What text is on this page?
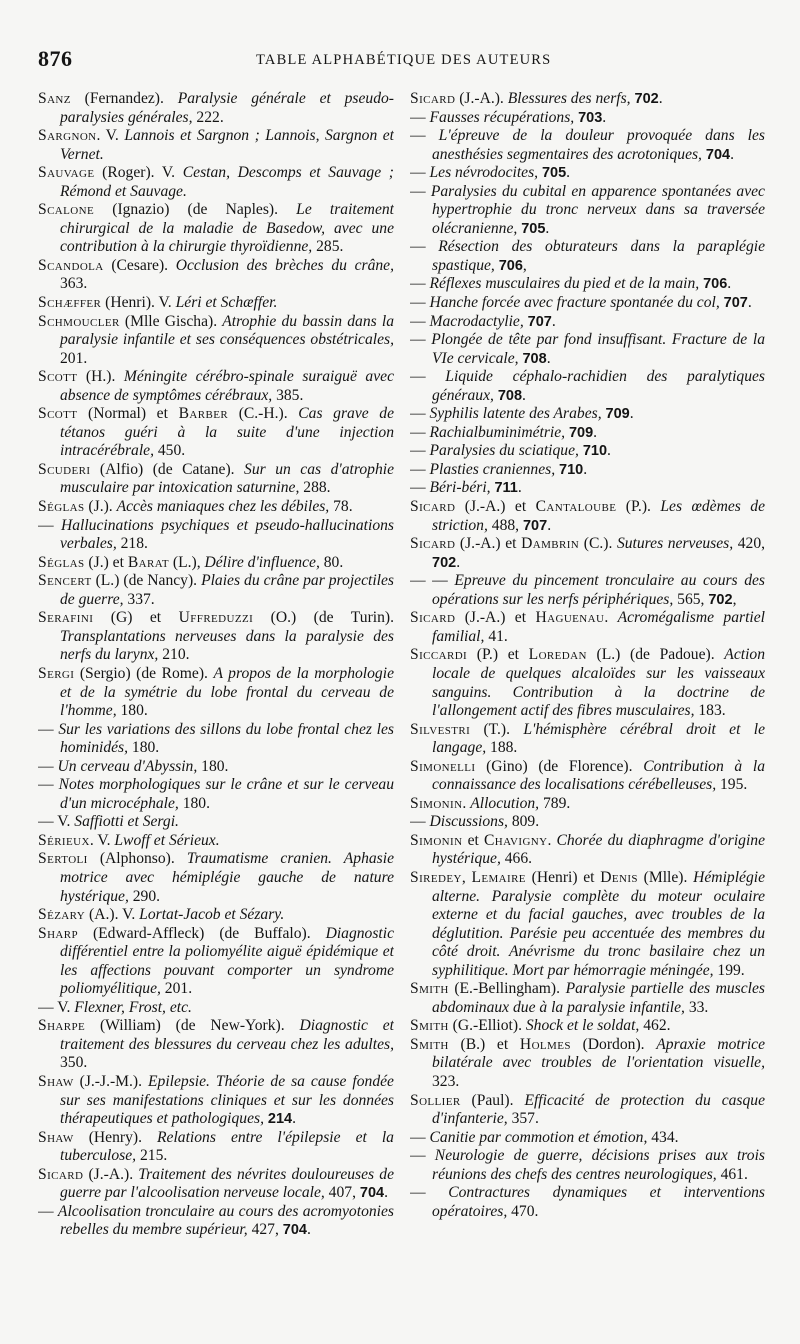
876	TABLE ALPHABÉTIQUE DES AUTEURS

Sanz (Fernandez). Paralysie générale et pseudo-paralysies générales, 222.

Sargnon. V. Lannois et Sargnon ; Lannois, Sargnon et Vernet.

Sauvage (Roger). V. Cestan, Descomps et Sauvage ; Rémond et Sauvage.

Scalone (Ignazio) (de Naples). Le traitement chirurgical de la maladie de Basedow, avec une contribution à la chirurgie thyroïdienne, 285.

Scandola (Cesare). Occlusion des brèches du crâne, 363.

Schæffer (Henri). V. Léri et Schæffer.

Schmoucler (Mlle Gischa). Atrophie du bassin dans la paralysie infantile et ses conséquences obstétricales, 201.

Scott (H.). Méningite cérébro-spinale suraiguë avec absence de symptômes cérébraux, 385.

Scott (Normal) et Barber (C.-H.). Cas grave de tétanos guéri à la suite d'une injection intracérébrale, 450.

Scuderi (Alfio) (de Catane). Sur un cas d'atrophie musculaire par intoxication saturnine, 288.

Séglas (J.). Accès maniaques chez les débiles, 78.

— Hallucinations psychiques et pseudo-hallucinations verbales, 218.

Séglas (J.) et Barat (L.), Délire d'influence, 80.

Sencert (L.) (de Nancy). Plaies du crâne par projectiles de guerre, 337.

Serafini (G) et Uffreduzzi (O.) (de Turin). Transplantations nerveuses dans la paralysie des nerfs du larynx, 210.

Sergi (Sergio) (de Rome). A propos de la morphologie et de la symétrie du lobe frontal du cerveau de l'homme, 180.

— Sur les variations des sillons du lobe frontal chez les hominidés, 180.

— Un cerveau d'Abyssin, 180.

— Notes morphologiques sur le crâne et sur le cerveau d'un microcéphale, 180.

— V. Saffiotti et Sergi.

Sérieux. V. Lwoff et Sérieux.

Sertoli (Alphonso). Traumatisme cranien. Aphasie motrice avec hémiplégie gauche de nature hystérique, 290.

Sézary (A.). V. Lortat-Jacob et Sézary.

Sharp (Edward-Affleck) (de Buffalo). Diagnostic différentiel entre la poliomyélite aiguë épidémique et les affections pouvant comporter un syndrome poliomyélitique, 201.

— V. Flexner, Frost, etc.

Sharpe (William) (de New-York). Diagnostic et traitement des blessures du cerveau chez les adultes, 350.

Shaw (J.-J.-M.). Epilepsie. Théorie de sa cause fondée sur ses manifestations cliniques et sur les données thérapeutiques et pathologiques, 214.

Shaw (Henry). Relations entre l'épilepsie et la tuberculose, 215.

Sicard (J.-A.). Traitement des névrites douloureuses de guerre par l'alcoolisation nerveuse locale, 407, 704.

— Alcoolisation tronculaire au cours des acromyotonies rebelles du membre supérieur, 427, 704.

Sicard (J.-A.). Blessures des nerfs, 702.

— Fausses récupérations, 703.

— L'épreuve de la douleur provoquée dans les anesthésies segmentaires des acrotoniques, 704.

— Les névrodocites, 705.

— Paralysies du cubital en apparence spontanées avec hypertrophie du tronc nerveux dans sa traversée olécranienne, 705.

— Résection des obturateurs dans la paraplégie spastique, 706,

— Réflexes musculaires du pied et de la main, 706.

— Hanche forcée avec fracture spontanée du col, 707.

— Macrodactylie, 707.

— Plongée de tête par fond insuffisant. Fracture de la VIe cervicale, 708.

— Liquide céphalo-rachidien des paralytiques généraux, 708.

— Syphilis latente des Arabes, 709.

— Rachialbuminimétrie, 709.

— Paralysies du sciatique, 710.

— Plasties craniennes, 710.

— Béri-béri, 711.

Sicard (J.-A.) et Cantaloube (P.). Les œdèmes de striction, 488, 707.

Sicard (J.-A.) et Dambrin (C.). Sutures nerveuses, 420, 702.

— — Epreuve du pincement tronculaire au cours des opérations sur les nerfs périphériques, 565, 702,

Sicard (J.-A.) et Haguenau. Acromégalisme partiel familial, 41.

Siccardi (P.) et Loredan (L.) (de Padoue). Action locale de quelques alcaloïdes sur les vaisseaux sanguins. Contribution à la doctrine de l'allongement actif des fibres musculaires, 183.

Silvestri (T.). L'hémisphère cérébral droit et le langage, 188.

Simonelli (Gino) (de Florence). Contribution à la connaissance des localisations cérébelleuses, 195.

Simonin. Allocution, 789.

— Discussions, 809.

Simonin et Chavigny. Chorée du diaphragme d'origine hystérique, 466.

Siredey, Lemaire (Henri) et Denis (Mlle). Hémiplégie alterne. Paralysie complète du moteur oculaire externe et du facial gauches, avec troubles de la déglutition. Parésie peu accentuée des membres du côté droit. Anévrisme du tronc basilaire chez un syphilitique. Mort par hémorragie méningée, 199.

Smith (E.-Bellingham). Paralysie partielle des muscles abdominaux due à la paralysie infantile, 33.

Smith (G.-Elliot). Shock et le soldat, 462.

Smith (B.) et Holmes (Dordon). Apraxie motrice bilatérale avec troubles de l'orientation visuelle, 323.

Sollier (Paul). Efficacité de protection du casque d'infanterie, 357.

— Canitie par commotion et émotion, 434.

— Neurologie de guerre, décisions prises aux trois réunions des chefs des centres neurologiques, 461.

— Contractures dynamiques et interventions opératoires, 470.
